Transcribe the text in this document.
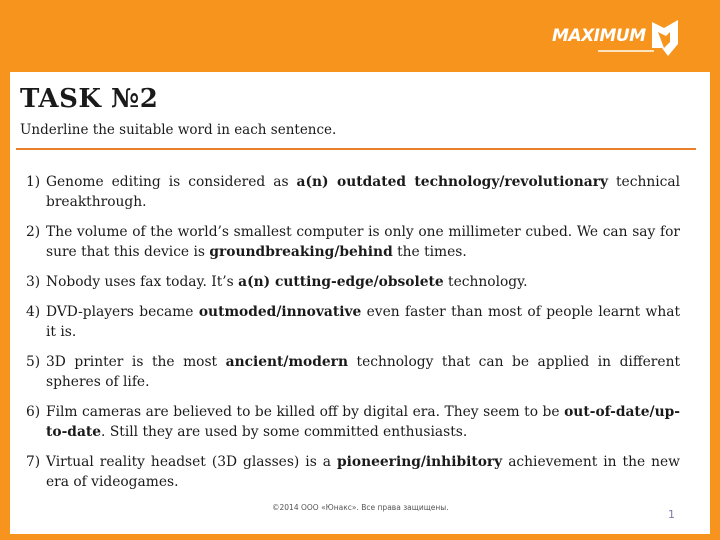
MAXIMUM
TASK №2
Underline the suitable word in each sentence.
1) Genome editing is considered as a(n) outdated technology/revolutionary technical breakthrough.
2) The volume of the world’s smallest computer is only one millimeter cubed. We can say for sure that this device is groundbreaking/behind the times.
3) Nobody uses fax today. It’s a(n) cutting-edge/obsolete technology.
4) DVD-players became outmoded/innovative even faster than most of people learnt what it is.
5) 3D printer is the most ancient/modern technology that can be applied in different spheres of life.
6) Film cameras are believed to be killed off by digital era. They seem to be out-of-date/up-to-date. Still they are used by some committed enthusiasts.
7) Virtual reality headset (3D glasses) is a pioneering/inhibitory achievement in the new era of videogames.
©2014 ООО «Юнакс». Все права защищены.
1
